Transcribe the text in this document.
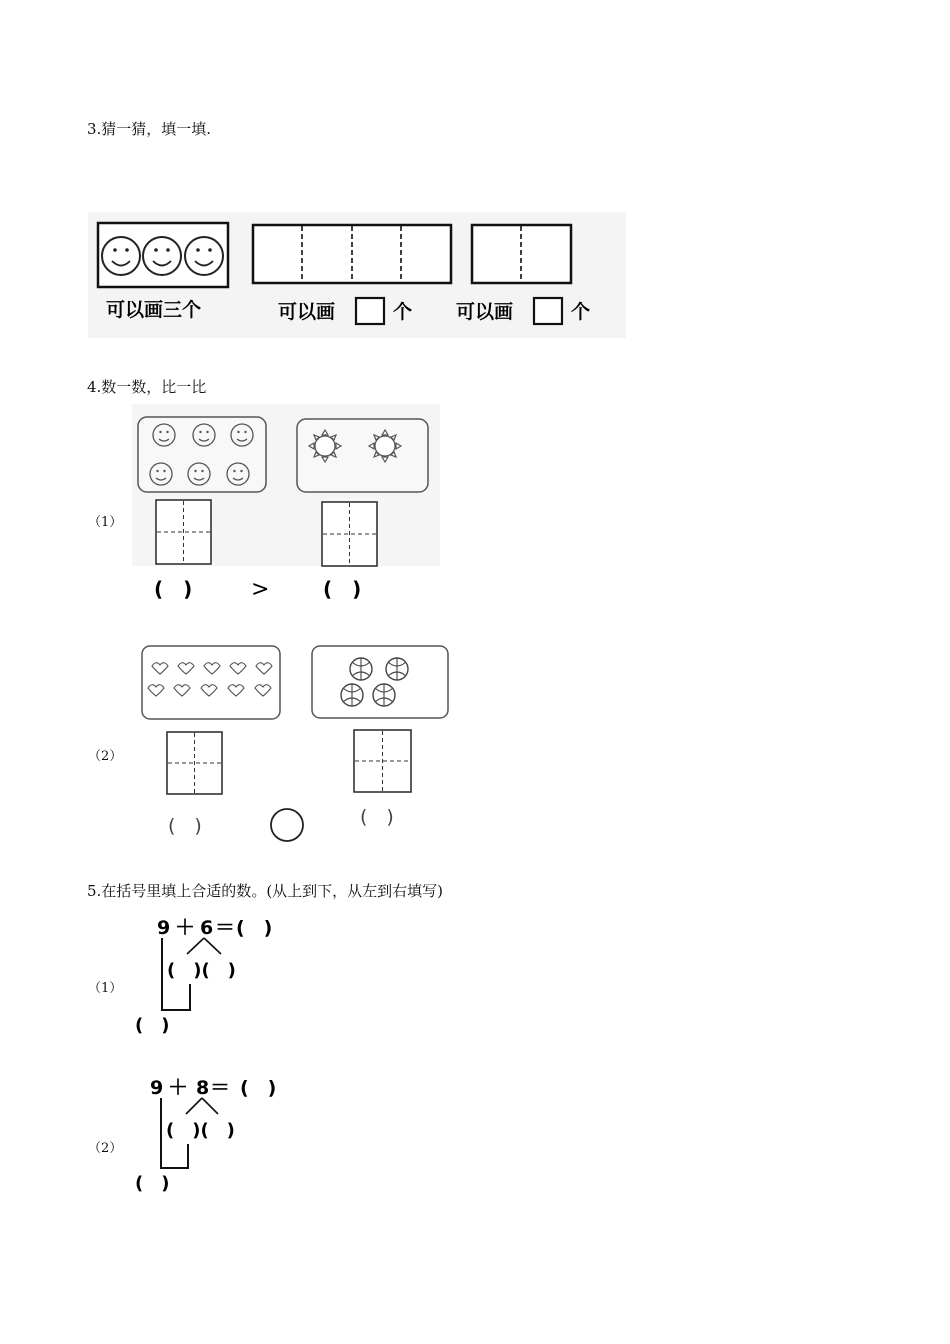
3.猜一猜，填一填.
可以画三个	可以画	个 可以画	个
4.数一数，比一比
（1）
(　)	>	(　)
（2）
(　)	(　)
5.在括号里填上合适的数。(从上到下，从左到右填写)
（1）
9 ＋ 6 ＝ (　)
(　)(　)
(　)
（2）
9 ＋ 8 ＝ (　)
(　)(　)
(　)
